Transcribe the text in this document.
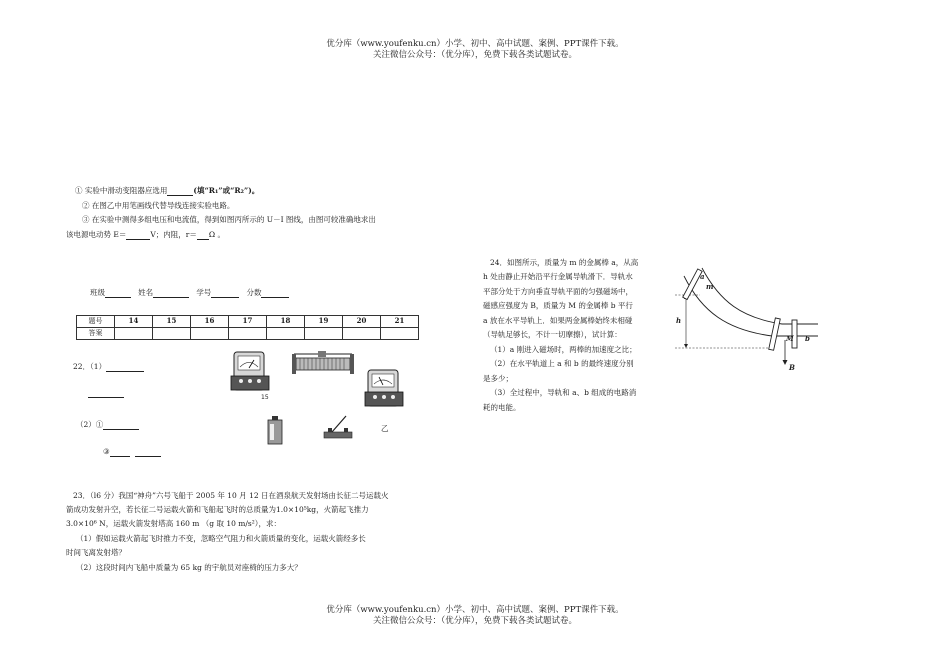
优分库（www.youfenku.cn）小学、初中、高中试题、案例、PPT课件下载。
关注微信公众号：（优分库），免费下载各类试题试卷。
① 实验中滑动变阻器应选用	(填“R₁”或“R₂”)。
② 在图乙中用笔画线代替导线连接实验电路。
③ 在实验中测得多组电压和电流值，得到如图丙所示的 U－I 图线，由图可较准确地求出
该电源电动势 E＝	V；内阻，r＝ Ω 。
班级	姓名	学号	分数
题号	14	15	16	17	18	19	20	21
答案								
22．（1）
（2）①
③
15
乙
23．（l6 分）我国“神舟”六号飞船于 2005 年 10 月 12 日在酒泉航天发射场由长征二号运载火
箭成功发射升空，若长征二号运载火箭和飞船起飞时的总质量为1.0×10⁵kg，火箭起飞推力
3.0×10⁶ N，运载火箭发射塔高 160 m （g 取 10 m/s²），求：
（1）假如运载火箭起飞时推力不变，忽略空气阻力和火箭质量的变化，运载火箭经多长
时间飞离发射塔？
（2）这段时间内飞船中质量为 65 kg 的宇航员对座椅的压力多大？
24．如图所示，质量为 m 的金属棒 a，从高
h 处由静止开始沿平行金属导轨滑下．导轨水
平部分处于方向垂直导轨平面的匀强磁场中，
磁感应强度为 B，质量为 M 的金属棒 b 平行
a 放在水平导轨上．如果两金属棒始终未相碰
（导轨足够长，不计一切摩擦），试计算：
（1）a 刚进入磁场时，两棒的加速度之比；
（2）在水平轨道上 a 和 b 的最终速度分别
是多少；
（3）全过程中，导轨和 a、b 组成的电路消
耗的电能。
a
m
h
M b
B
优分库（www.youfenku.cn）小学、初中、高中试题、案例、PPT课件下载。
关注微信公众号：（优分库），免费下载各类试题试卷。
